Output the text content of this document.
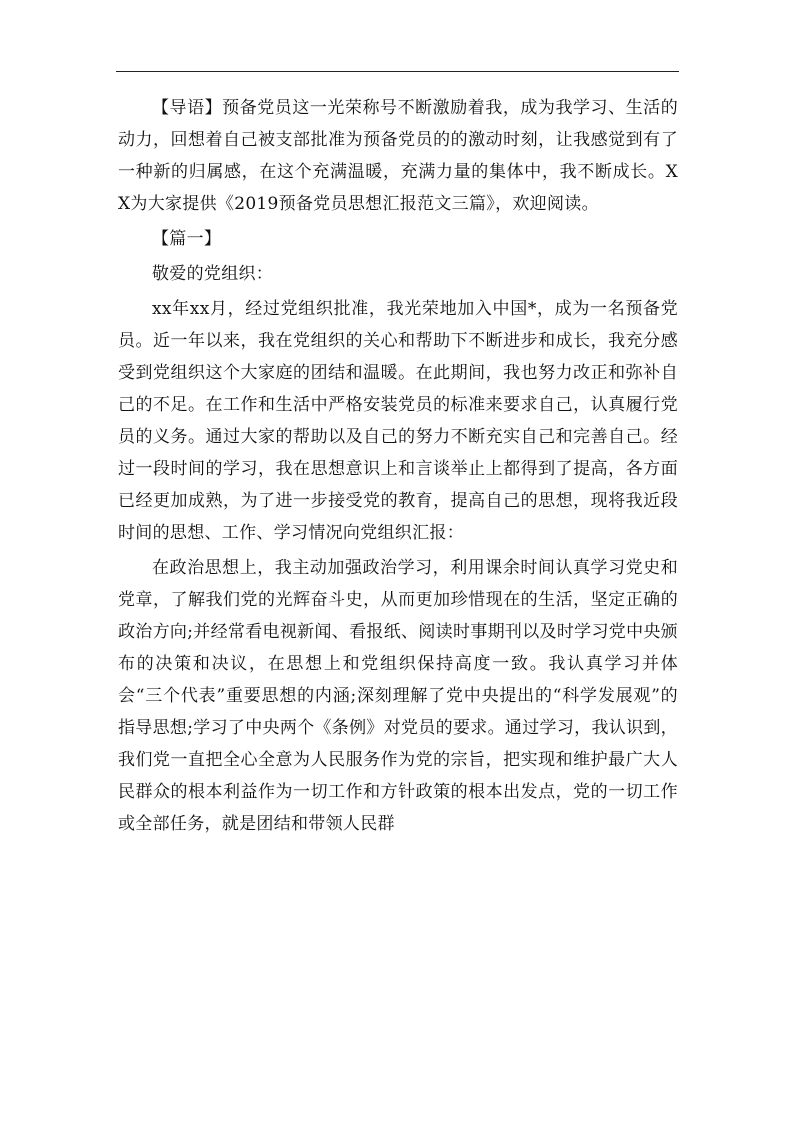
【导语】预备党员这一光荣称号不断激励着我，成为我学习、生活的动力，回想着自己被支部批准为预备党员的的激动时刻，让我感觉到有了一种新的归属感，在这个充满温暖，充满力量的集体中，我不断成长。XX为大家提供《2019预备党员思想汇报范文三篇》，欢迎阅读。

【篇一】

敬爱的党组织：

xx年xx月，经过党组织批准，我光荣地加入中国*，成为一名预备党员。近一年以来，我在党组织的关心和帮助下不断进步和成长，我充分感受到党组织这个大家庭的团结和温暖。在此期间，我也努力改正和弥补自己的不足。在工作和生活中严格安装党员的标准来要求自己，认真履行党员的义务。通过大家的帮助以及自己的努力不断充实自己和完善自己。经过一段时间的学习，我在思想意识上和言谈举止上都得到了提高，各方面已经更加成熟，为了进一步接受党的教育，提高自己的思想，现将我近段时间的思想、工作、学习情况向党组织汇报：

在政治思想上，我主动加强政治学习，利用课余时间认真学习党史和党章，了解我们党的光辉奋斗史，从而更加珍惜现在的生活，坚定正确的政治方向;并经常看电视新闻、看报纸、阅读时事期刊以及时学习党中央颁布的决策和决议，在思想上和党组织保持高度一致。我认真学习并体会“三个代表”重要思想的内涵;深刻理解了党中央提出的“科学发展观”的指导思想;学习了中央两个《条例》对党员的要求。通过学习，我认识到，我们党一直把全心全意为人民服务作为党的宗旨，把实现和维护最广大人民群众的根本利益作为一切工作和方针政策的根本出发点，党的一切工作或全部任务，就是团结和带领人民群
